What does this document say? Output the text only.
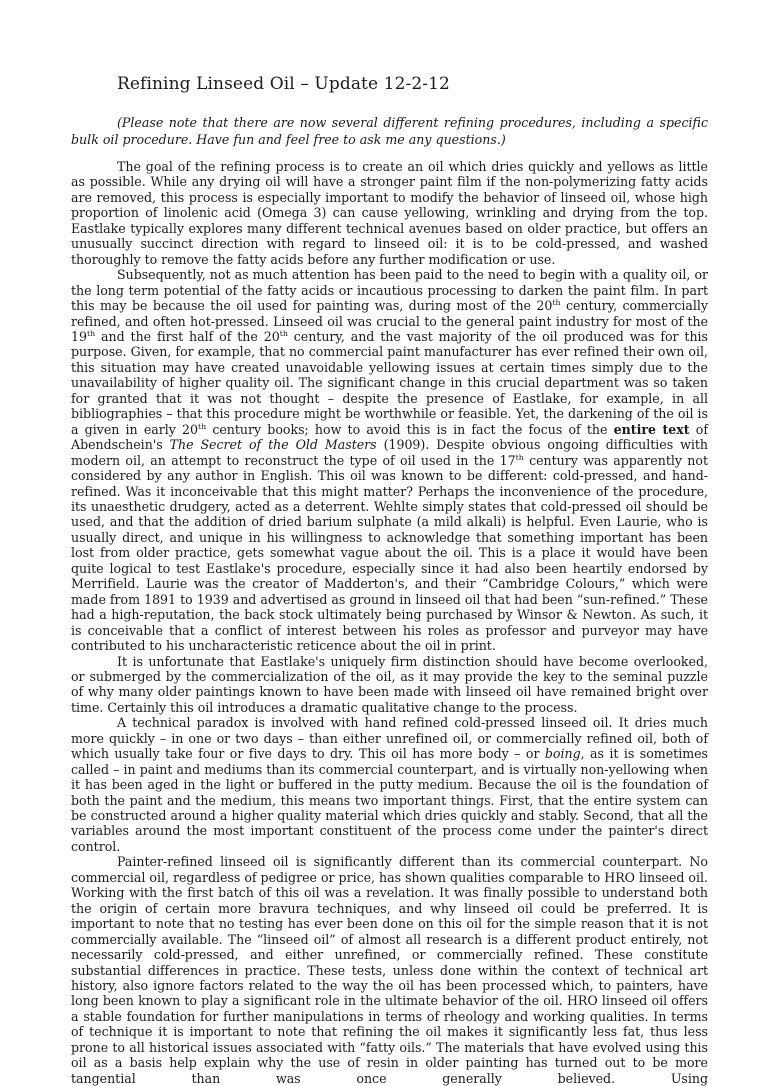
Refining Linseed Oil – Update 12-2-12

(Please note that there are now several different refining procedures, including a specific bulk oil procedure. Have fun and feel free to ask me any questions.)

The goal of the refining process is to create an oil which dries quickly and yellows as little as possible. While any drying oil will have a stronger paint film if the non-polymerizing fatty acids are removed, this process is especially important to modify the behavior of linseed oil, whose high proportion of linolenic acid (Omega 3) can cause yellowing, wrinkling and drying from the top. Eastlake typically explores many different technical avenues based on older practice, but offers an unusually succinct direction with regard to linseed oil: it is to be cold-pressed, and washed thoroughly to remove the fatty acids before any further modification or use.

Subsequently, not as much attention has been paid to the need to begin with a quality oil, or the long term potential of the fatty acids or incautious processing to darken the paint film. In part this may be because the oil used for painting was, during most of the 20th century, commercially refined, and often hot-pressed. Linseed oil was crucial to the general paint industry for most of the 19th and the first half of the 20th century, and the vast majority of the oil produced was for this purpose. Given, for example, that no commercial paint manufacturer has ever refined their own oil, this situation may have created unavoidable yellowing issues at certain times simply due to the unavailability of higher quality oil. The significant change in this crucial department was so taken for granted that it was not thought – despite the presence of Eastlake, for example, in all bibliographies – that this procedure might be worthwhile or feasible. Yet, the darkening of the oil is a given in early 20th century books; how to avoid this is in fact the focus of the entire text of Abendschein's The Secret of the Old Masters (1909). Despite obvious ongoing difficulties with modern oil, an attempt to reconstruct the type of oil used in the 17th century was apparently not considered by any author in English. This oil was known to be different: cold-pressed, and hand-refined. Was it inconceivable that this might matter? Perhaps the inconvenience of the procedure, its unaesthetic drudgery, acted as a deterrent. Wehlte simply states that cold-pressed oil should be used, and that the addition of dried barium sulphate (a mild alkali) is helpful. Even Laurie, who is usually direct, and unique in his willingness to acknowledge that something important has been lost from older practice, gets somewhat vague about the oil. This is a place it would have been quite logical to test Eastlake's procedure, especially since it had also been heartily endorsed by Merrifield. Laurie was the creator of Madderton's, and their “Cambridge Colours,” which were made from 1891 to 1939 and advertised as ground in linseed oil that had been “sun-refined.” These had a high-reputation, the back stock ultimately being purchased by Winsor & Newton. As such, it is conceivable that a conflict of interest between his roles as professor and purveyor may have contributed to his uncharacteristic reticence about the oil in print.

It is unfortunate that Eastlake's uniquely firm distinction should have become overlooked, or submerged by the commercialization of the oil, as it may provide the key to the seminal puzzle of why many older paintings known to have been made with linseed oil have remained bright over time. Certainly this oil introduces a dramatic qualitative change to the process.

A technical paradox is involved with hand refined cold-pressed linseed oil. It dries much more quickly – in one or two days – than either unrefined oil, or commercially refined oil, both of which usually take four or five days to dry. This oil has more body – or boing, as it is sometimes called – in paint and mediums than its commercial counterpart, and is virtually non-yellowing when it has been aged in the light or buffered in the putty medium. Because the oil is the foundation of both the paint and the medium, this means two important things. First, that the entire system can be constructed around a higher quality material which dries quickly and stably. Second, that all the variables around the most important constituent of the process come under the painter's direct control.

Painter-refined linseed oil is significantly different than its commercial counterpart. No commercial oil, regardless of pedigree or price, has shown qualities comparable to HRO linseed oil. Working with the first batch of this oil was a revelation. It was finally possible to understand both the origin of certain more bravura techniques, and why linseed oil could be preferred. It is important to note that no testing has ever been done on this oil for the simple reason that it is not commercially available. The “linseed oil” of almost all research is a different product entirely, not necessarily cold-pressed, and either unrefined, or commercially refined. These constitute substantial differences in practice. These tests, unless done within the context of technical art history, also ignore factors related to the way the oil has been processed which, to painters, have long been known to play a significant role in the ultimate behavior of the oil. HRO linseed oil offers a stable foundation for further manipulations in terms of rheology and working qualities. In terms of technique it is important to note that refining the oil makes it significantly less fat, thus less prone to all historical issues associated with “fatty oils.” The materials that have evolved using this oil as a basis help explain why the use of resin in older painting has turned out to be more tangential than was once generally believed. Using
